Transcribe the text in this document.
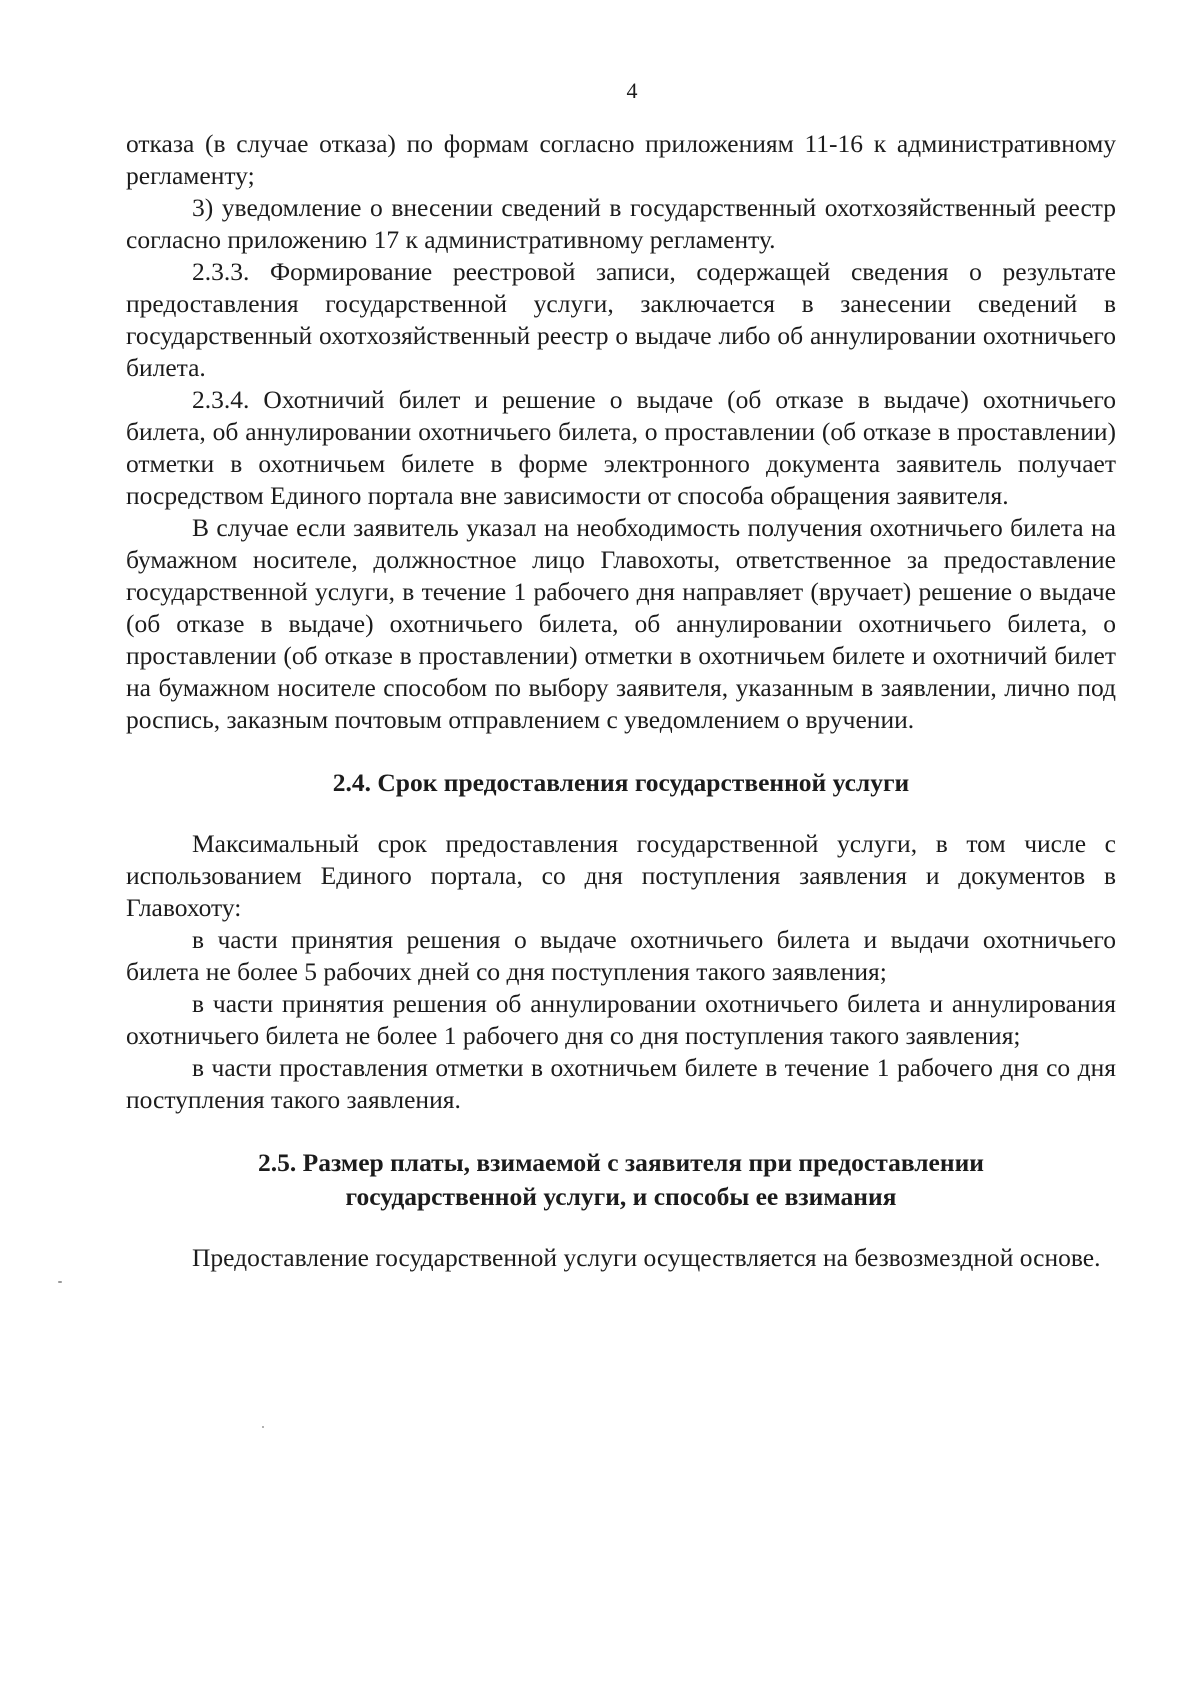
4

отказа (в случае отказа) по формам согласно приложениям 11-16 к административному регламенту;

3) уведомление о внесении сведений в государственный охотхозяйственный реестр согласно приложению 17 к административному регламенту.

2.3.3. Формирование реестровой записи, содержащей сведения о результате предоставления государственной услуги, заключается в занесении сведений в государственный охотхозяйственный реестр о выдаче либо об аннулировании охотничьего билета.

2.3.4. Охотничий билет и решение о выдаче (об отказе в выдаче) охотничьего билета, об аннулировании охотничьего билета, о проставлении (об отказе в проставлении) отметки в охотничьем билете в форме электронного документа заявитель получает посредством Единого портала вне зависимости от способа обращения заявителя.

В случае если заявитель указал на необходимость получения охотничьего билета на бумажном носителе, должностное лицо Главохоты, ответственное за предоставление государственной услуги, в течение 1 рабочего дня направляет (вручает) решение о выдаче (об отказе в выдаче) охотничьего билета, об аннулировании охотничьего билета, о проставлении (об отказе в проставлении) отметки в охотничьем билете и охотничий билет на бумажном носителе способом по выбору заявителя, указанным в заявлении, лично под роспись, заказным почтовым отправлением с уведомлением о вручении.

2.4. Срок предоставления государственной услуги

Максимальный срок предоставления государственной услуги, в том числе с использованием Единого портала, со дня поступления заявления и документов в Главохоту:

в части принятия решения о выдаче охотничьего билета и выдачи охотничьего билета не более 5 рабочих дней со дня поступления такого заявления;

в части принятия решения об аннулировании охотничьего билета и аннулирования охотничьего билета не более 1 рабочего дня со дня поступления такого заявления;

в части проставления отметки в охотничьем билете в течение 1 рабочего дня со дня поступления такого заявления.

2.5. Размер платы, взимаемой с заявителя при предоставлении
государственной услуги, и способы ее взимания

Предоставление государственной услуги осуществляется на безвозмездной основе.
